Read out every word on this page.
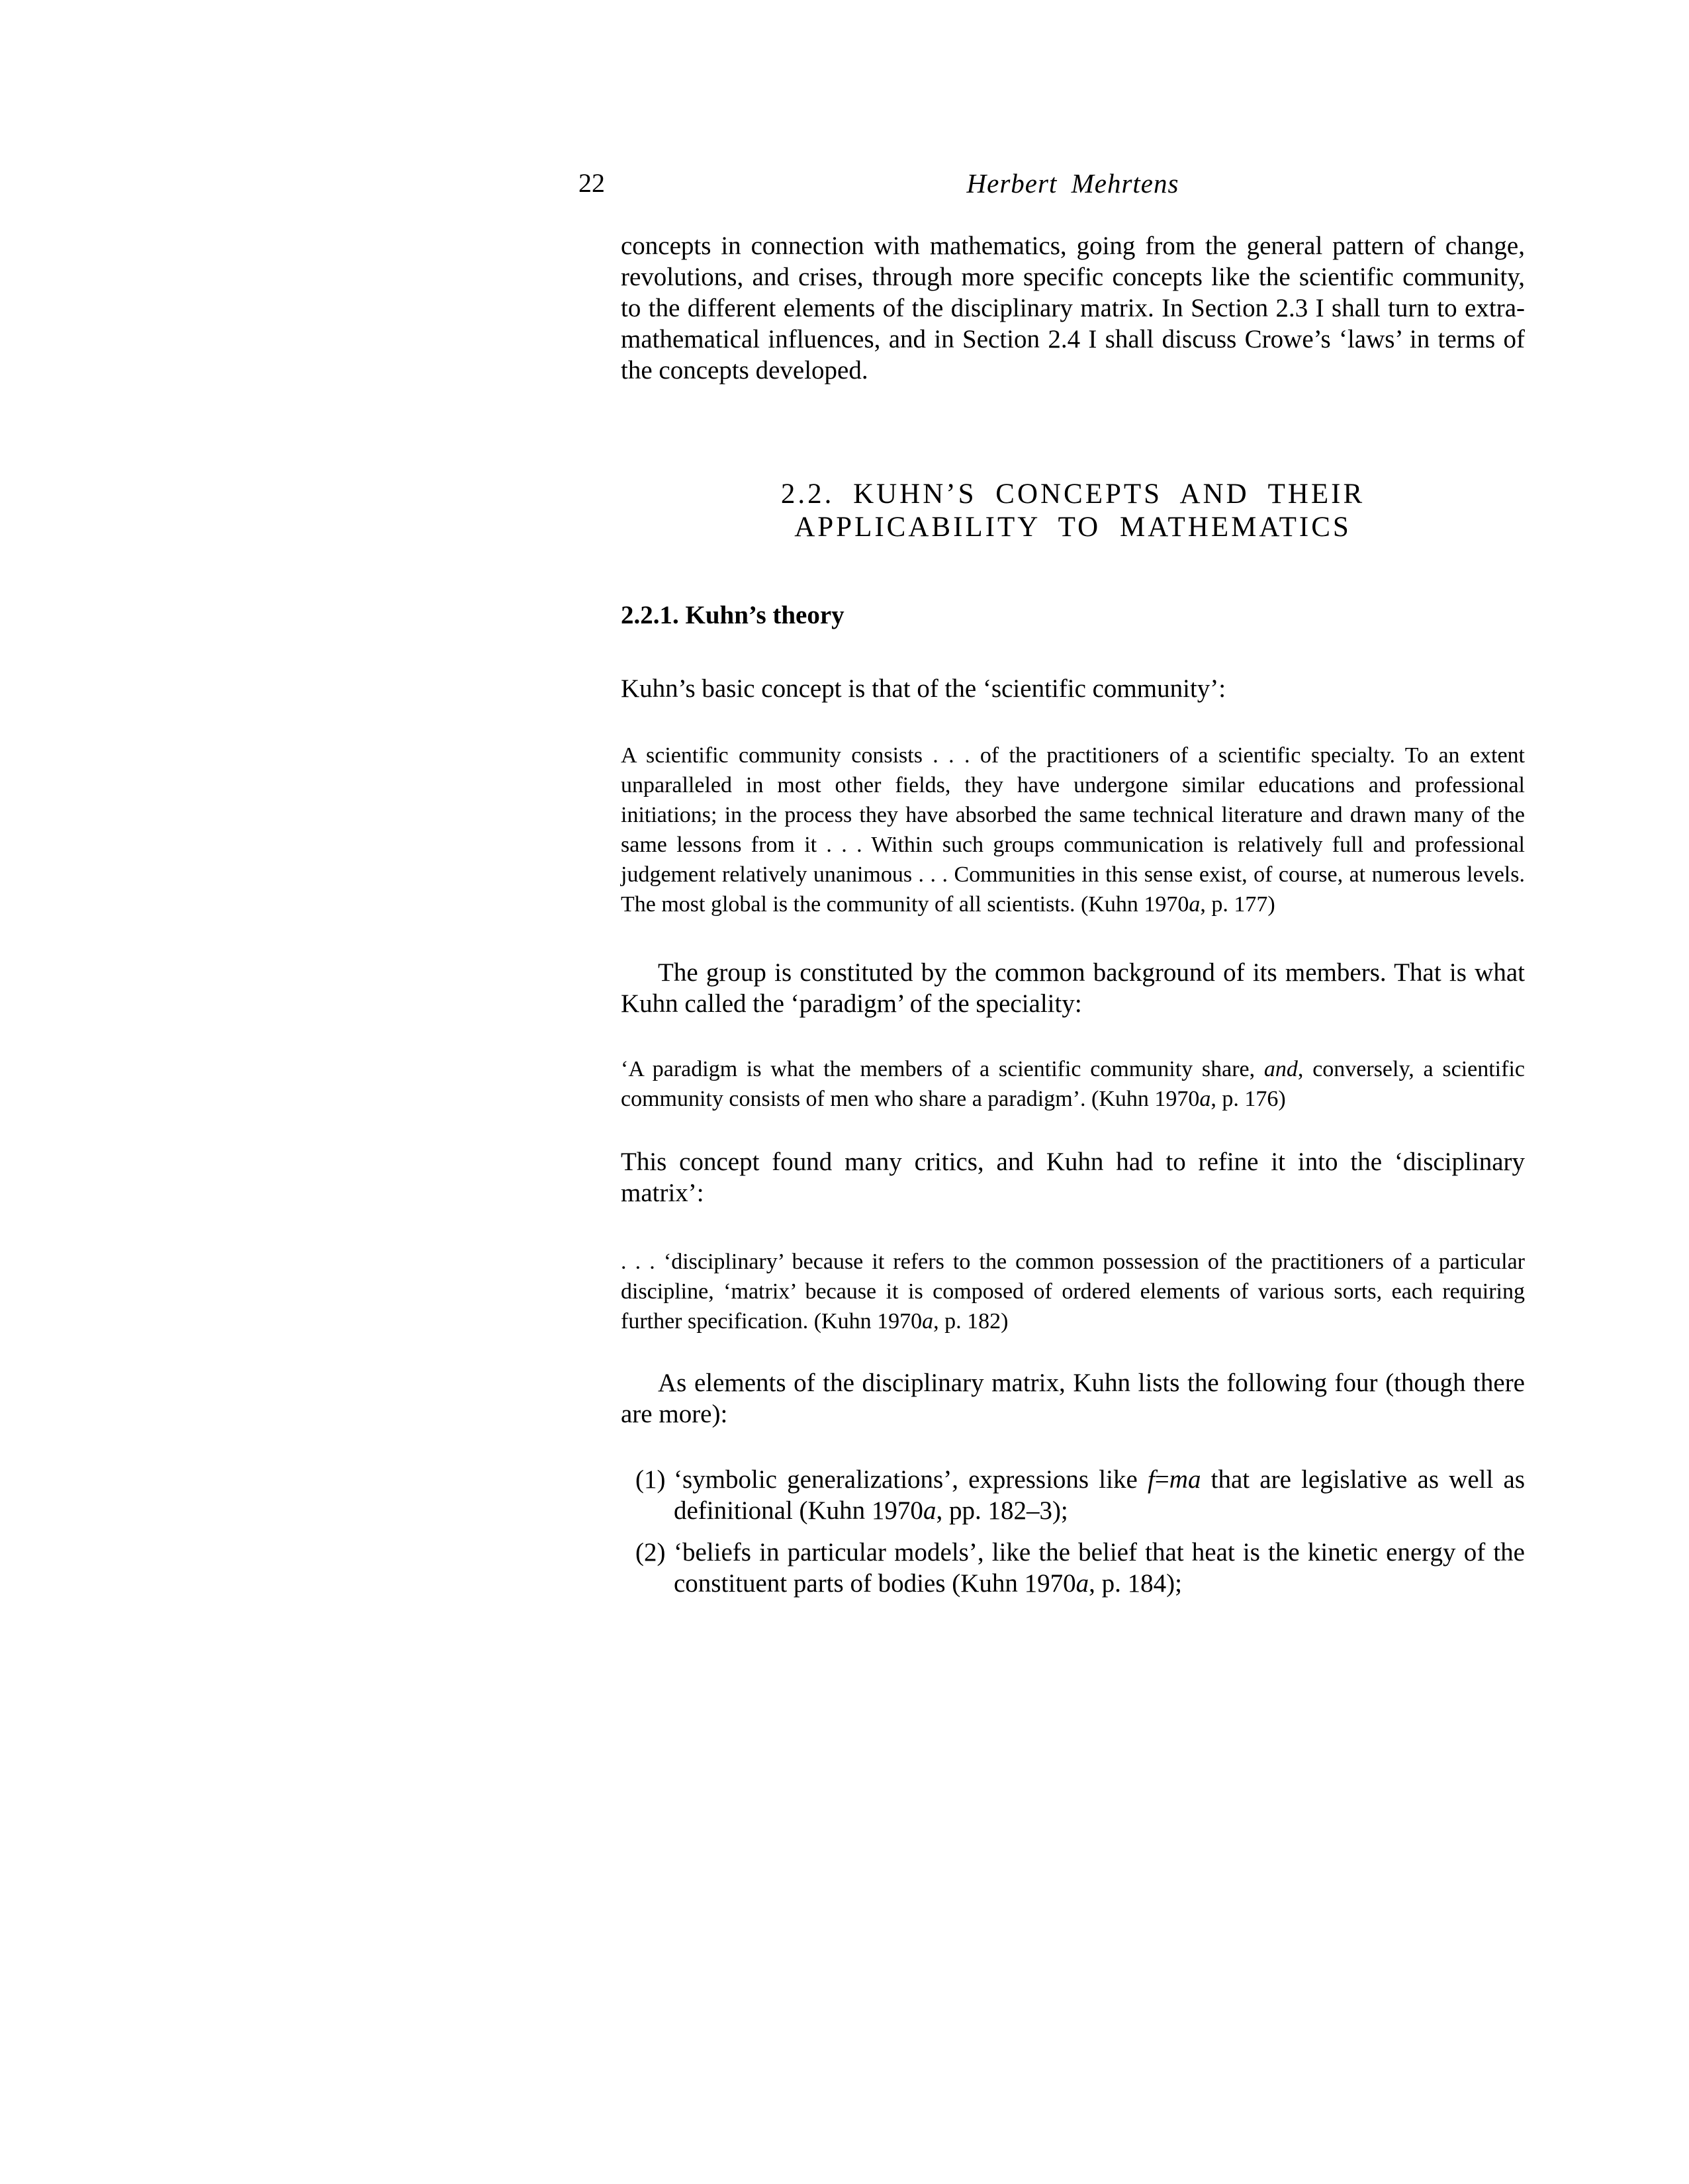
22	Herbert Mehrtens

concepts in connection with mathematics, going from the general pattern of change, revolutions, and crises, through more specific concepts like the scientific community, to the different elements of the disciplinary matrix. In Section 2.3 I shall turn to extra-mathematical influences, and in Section 2.4 I shall discuss Crowe’s ‘laws’ in terms of the concepts developed.

2.2. KUHN’S CONCEPTS AND THEIR
APPLICABILITY TO MATHEMATICS
2.2.1. Kuhn’s theory

Kuhn’s basic concept is that of the ‘scientific community’:

A scientific community consists . . . of the practitioners of a scientific specialty. To an extent unparalleled in most other fields, they have undergone similar educations and professional initiations; in the process they have absorbed the same technical literature and drawn many of the same lessons from it . . . Within such groups communication is relatively full and professional judgement relatively unanimous . . . Communities in this sense exist, of course, at numerous levels. The most global is the community of all scientists. (Kuhn 1970a, p. 177)

The group is constituted by the common background of its members. That is what Kuhn called the ‘paradigm’ of the speciality:

‘A paradigm is what the members of a scientific community share, and, conversely, a scientific community consists of men who share a paradigm’. (Kuhn 1970a, p. 176)

This concept found many critics, and Kuhn had to refine it into the ‘disciplinary matrix’:

. . . ‘disciplinary’ because it refers to the common possession of the practitioners of a particular discipline, ‘matrix’ because it is composed of ordered elements of various sorts, each requiring further specification. (Kuhn 1970a, p. 182)

As elements of the disciplinary matrix, Kuhn lists the following four (though there are more):

(1) ‘symbolic generalizations’, expressions like f=ma that are legislative as well as definitional (Kuhn 1970a, pp. 182–3);
(2) ‘beliefs in particular models’, like the belief that heat is the kinetic energy of the constituent parts of bodies (Kuhn 1970a, p. 184);
